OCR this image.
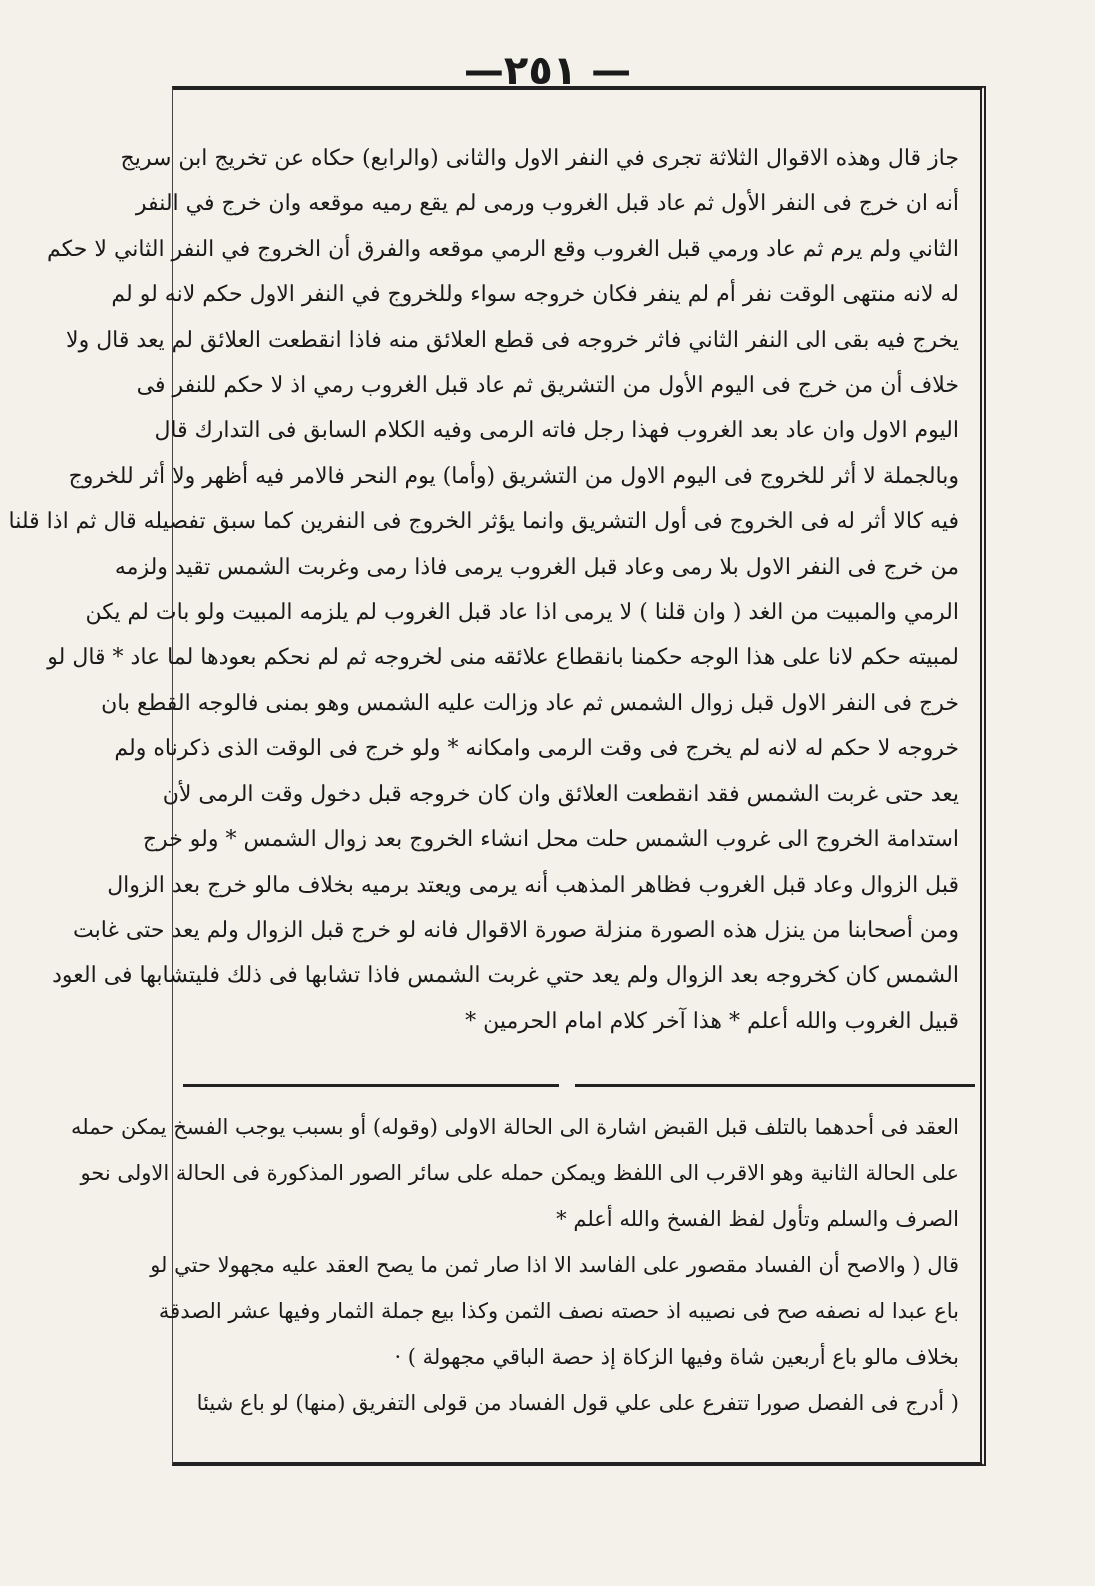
—٢٥١ —
جاز قال وهذه الاقوال الثلاثة تجرى في النفر الاول والثانى (والرابع) حكاه عن تخريج ابن سريج
أنه ان خرج فى النفر الأول ثم عاد قبل الغروب ورمى لم يقع رميه موقعه وان خرج في النفر
الثاني ولم يرم ثم عاد ورمي قبل الغروب وقع الرمي موقعه والفرق أن الخروج في النفر الثاني لا حكم
له لانه منتهى الوقت نفر أم لم ينفر فكان خروجه سواء وللخروج في النفر الاول حكم لانه لو لم
يخرج فيه بقى الى النفر الثاني فاثر خروجه فى قطع العلائق منه فاذا انقطعت العلائق لم يعد قال ولا
خلاف أن من خرج فى اليوم الأول من التشريق ثم عاد قبل الغروب رمي اذ لا حكم للنفر فى
اليوم الاول وان عاد بعد الغروب فهذا رجل فاته الرمى وفيه الكلام السابق فى التدارك قال
وبالجملة لا أثر للخروج فى اليوم الاول من التشريق (وأما) يوم النحر فالامر فيه أظهر ولا أثر للخروج
فيه كالا أثر له فى الخروج فى أول التشريق وانما يؤثر الخروج فى النفرين كما سبق تفصيله قال ثم اذا قلنا
من خرج فى النفر الاول بلا رمى وعاد قبل الغروب يرمى فاذا رمى وغربت الشمس تقيد ولزمه
الرمي والمبيت من الغد ( وان قلنا ) لا يرمى اذا عاد قبل الغروب لم يلزمه المبيت ولو بات لم يكن
لمبيته حكم لانا على هذا الوجه حكمنا بانقطاع علائقه منى لخروجه ثم لم نحكم بعودها لما عاد * قال لو
خرج فى النفر الاول قبل زوال الشمس ثم عاد وزالت عليه الشمس وهو بمنى فالوجه القطع بان
خروجه لا حكم له لانه لم يخرج فى وقت الرمى وامكانه * ولو خرج فى الوقت الذى ذكرناه ولم
يعد حتى غربت الشمس فقد انقطعت العلائق وان كان خروجه قبل دخول وقت الرمى لأن
استدامة الخروج الى غروب الشمس حلت محل انشاء الخروج بعد زوال الشمس * ولو خرج
قبل الزوال وعاد قبل الغروب فظاهر المذهب أنه يرمى ويعتد برميه بخلاف مالو خرج بعد الزوال
ومن أصحابنا من ينزل هذه الصورة منزلة صورة الاقوال فانه لو خرج قبل الزوال ولم يعد حتى غابت
الشمس كان كخروجه بعد الزوال ولم يعد حتي غربت الشمس فاذا تشابها فى ذلك فليتشابها فى العود
قبيل الغروب والله أعلم * هذا آخر كلام امام الحرمين *
العقد فى أحدهما بالتلف قبل القبض اشارة الى الحالة الاولى (وقوله) أو بسبب يوجب الفسخ يمكن حمله
على الحالة الثانية وهو الاقرب الى اللفظ ويمكن حمله على سائر الصور المذكورة فى الحالة الاولى نحو
الصرف والسلم وتأول لفظ الفسخ والله أعلم *
قال ( والاصح أن الفساد مقصور على الفاسد الا اذا صار ثمن ما يصح العقد عليه مجهولا حتي لو
باع عبدا له نصفه صح فى نصيبه اذ حصته نصف الثمن وكذا بيع جملة الثمار وفيها عشر الصدقة
بخلاف مالو باع أربعين شاة وفيها الزكاة إذ حصة الباقي مجهولة ) ·
( أدرج فى الفصل صورا تتفرع على علي قول الفساد من قولى التفريق (منها) لو باع شيئا
